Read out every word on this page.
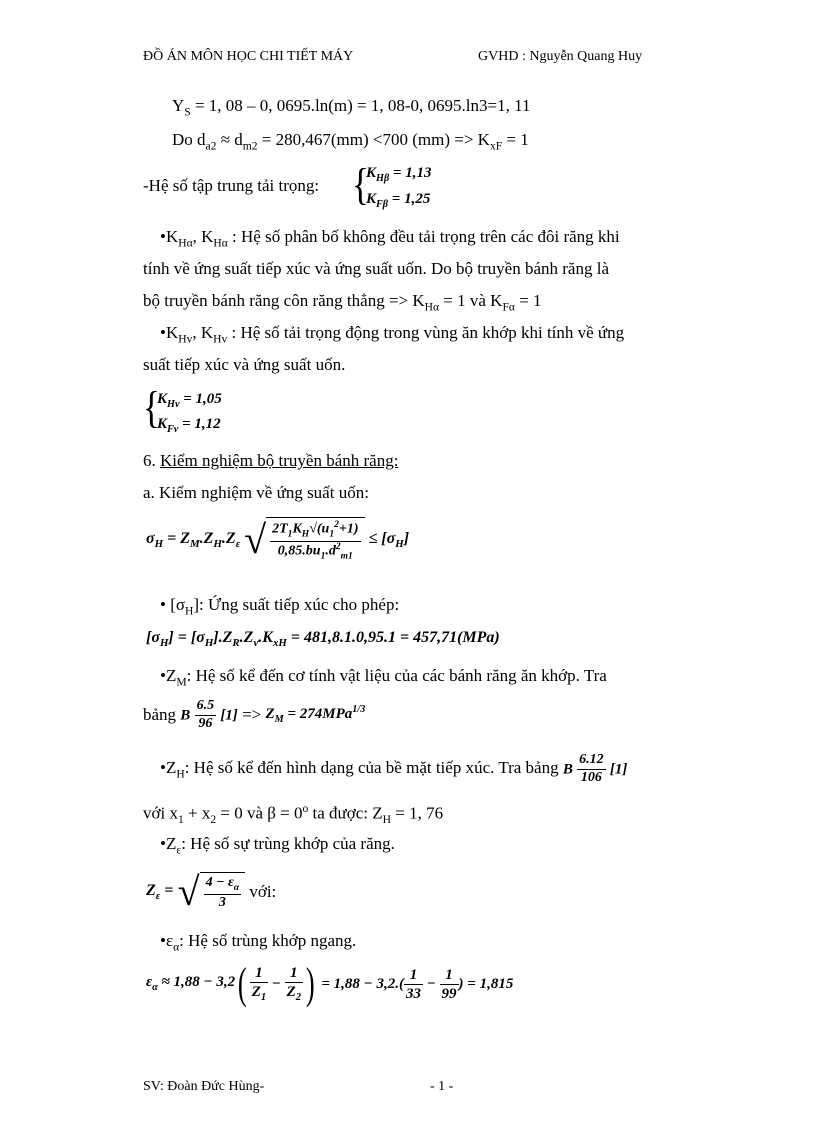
ĐỒ ÁN MÔN HỌC CHI TIẾT MÁY	GVHD : Nguyễn Quang Huy
$Y_S = 1$, 08 – 0, 0695.ln(m) = 1, 08-0, 0695.ln3=1, 11
Do $d_{a2} \approx d_{m2} = 280,467(mm) <700$ $(mm) => K_{xF} = 1$
-Hệ số tập trung tải trọng: {
$K_{H\beta} = 1,13$
$K_{F\beta} = 1,25$
$•K_{H\alpha}$, $K_{H\alpha}$ : Hệ số phân bố không đều tải trọng trên các đôi răng khi
tính về ứng suất tiếp xúc và ứng suất uốn. Do bộ truyền bánh răng là
bộ truyền bánh răng côn răng thẳng => $K_{H\alpha} = 1$ và $K_{F\alpha} = 1$
$•K_{Hv}$, $K_{Hv}$ : Hệ số tải trọng động trong vùng ăn khớp khi tính về ứng
suất tiếp xúc và ứng suất uốn.
{
$K_{Hv} = 1,05$
$K_{Fv} = 1,12$
6. Kiểm nghiệm bộ truyền bánh răng:
a. Kiểm nghiệm về ứng suất uốn:
$\sigma_H = Z_M.Z_H.Z_\varepsilon$ √ $\frac{2T_1K_H√(u_1^2+1)}{0,85.bu_1.d^2_{m1}} \le [\sigma_H]$
• $[\sigma_H]$: Ứng suất tiếp xúc cho phép:
$[\sigma_H] = [\sigma_H].Z_R.Z_v.K_{xH} = 481,8.1.0,95.1 = 457,71(MPa)$
$•Z_M$: Hệ số kể đến cơ tính vật liệu của các bánh răng ăn khớp. Tra
bảng B $\frac{6.5}{96} [1] => Z_M = 274MPa^{1/3}$
$•Z_H$: Hệ số kể đến hình dạng của bề mặt tiếp xúc. Tra bảng B $\frac{6.12}{106} [1]$
với $x_1 + x_2 = 0$ và $\beta = 0^o$ ta được: $Z_H = 1$, 76
$•Z_\varepsilon$: Hệ số sự trùng khớp của răng.
$Z_\varepsilon$ = √ $\frac{4 - \varepsilon_\alpha}{3}$ với:
$•\varepsilon_\alpha$: Hệ số trùng khớp ngang.
$\varepsilon_\alpha \approx 1,88 - 3,2( \frac{1}{Z_1} - \frac{1}{Z_2}$ ) = $1,88 - 3,2.( \frac{1}{33} - \frac{1}{99}$ ) = 1,815
SV: Đoàn Đức Hùng-	- 1 -
